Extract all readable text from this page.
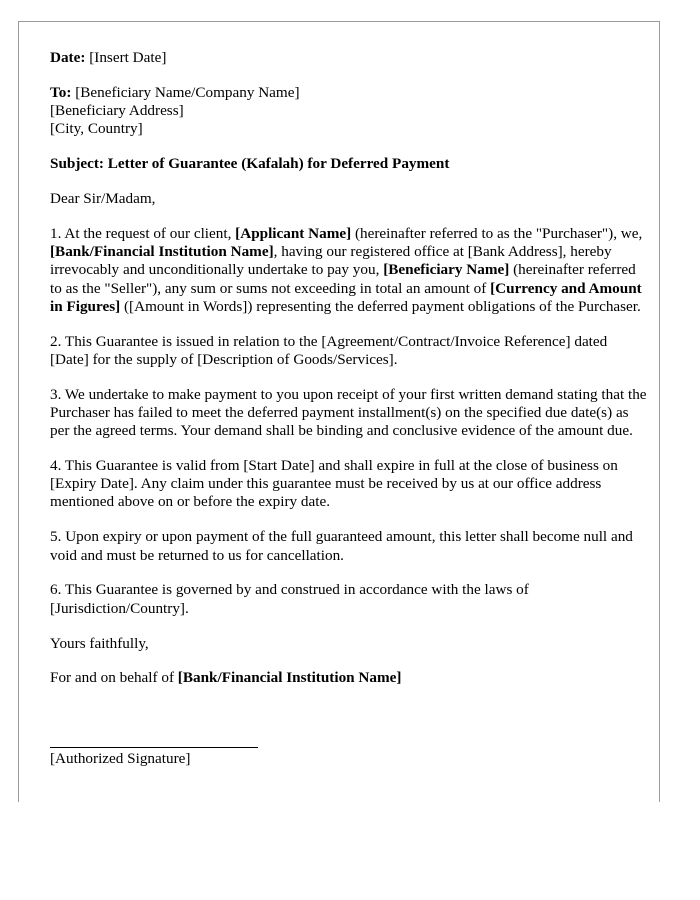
Date: [Insert Date]

To: [Beneficiary Name/Company Name]
[Beneficiary Address]
[City, Country]

Subject: Letter of Guarantee (Kafalah) for Deferred Payment

Dear Sir/Madam,

1. At the request of our client, [Applicant Name] (hereinafter referred to as the "Purchaser"), we, [Bank/Financial Institution Name], having our registered office at [Bank Address], hereby irrevocably and unconditionally undertake to pay you, [Beneficiary Name] (hereinafter referred to as the "Seller"), any sum or sums not exceeding in total an amount of [Currency and Amount in Figures] ([Amount in Words]) representing the deferred payment obligations of the Purchaser.

2. This Guarantee is issued in relation to the [Agreement/Contract/Invoice Reference] dated [Date] for the supply of [Description of Goods/Services].

3. We undertake to make payment to you upon receipt of your first written demand stating that the Purchaser has failed to meet the deferred payment installment(s) on the specified due date(s) as per the agreed terms. Your demand shall be binding and conclusive evidence of the amount due.

4. This Guarantee is valid from [Start Date] and shall expire in full at the close of business on [Expiry Date]. Any claim under this guarantee must be received by us at our office address mentioned above on or before the expiry date.

5. Upon expiry or upon payment of the full guaranteed amount, this letter shall become null and void and must be returned to us for cancellation.

6. This Guarantee is governed by and construed in accordance with the laws of [Jurisdiction/Country].

Yours faithfully,

For and on behalf of [Bank/Financial Institution Name]

[Authorized Signature]
